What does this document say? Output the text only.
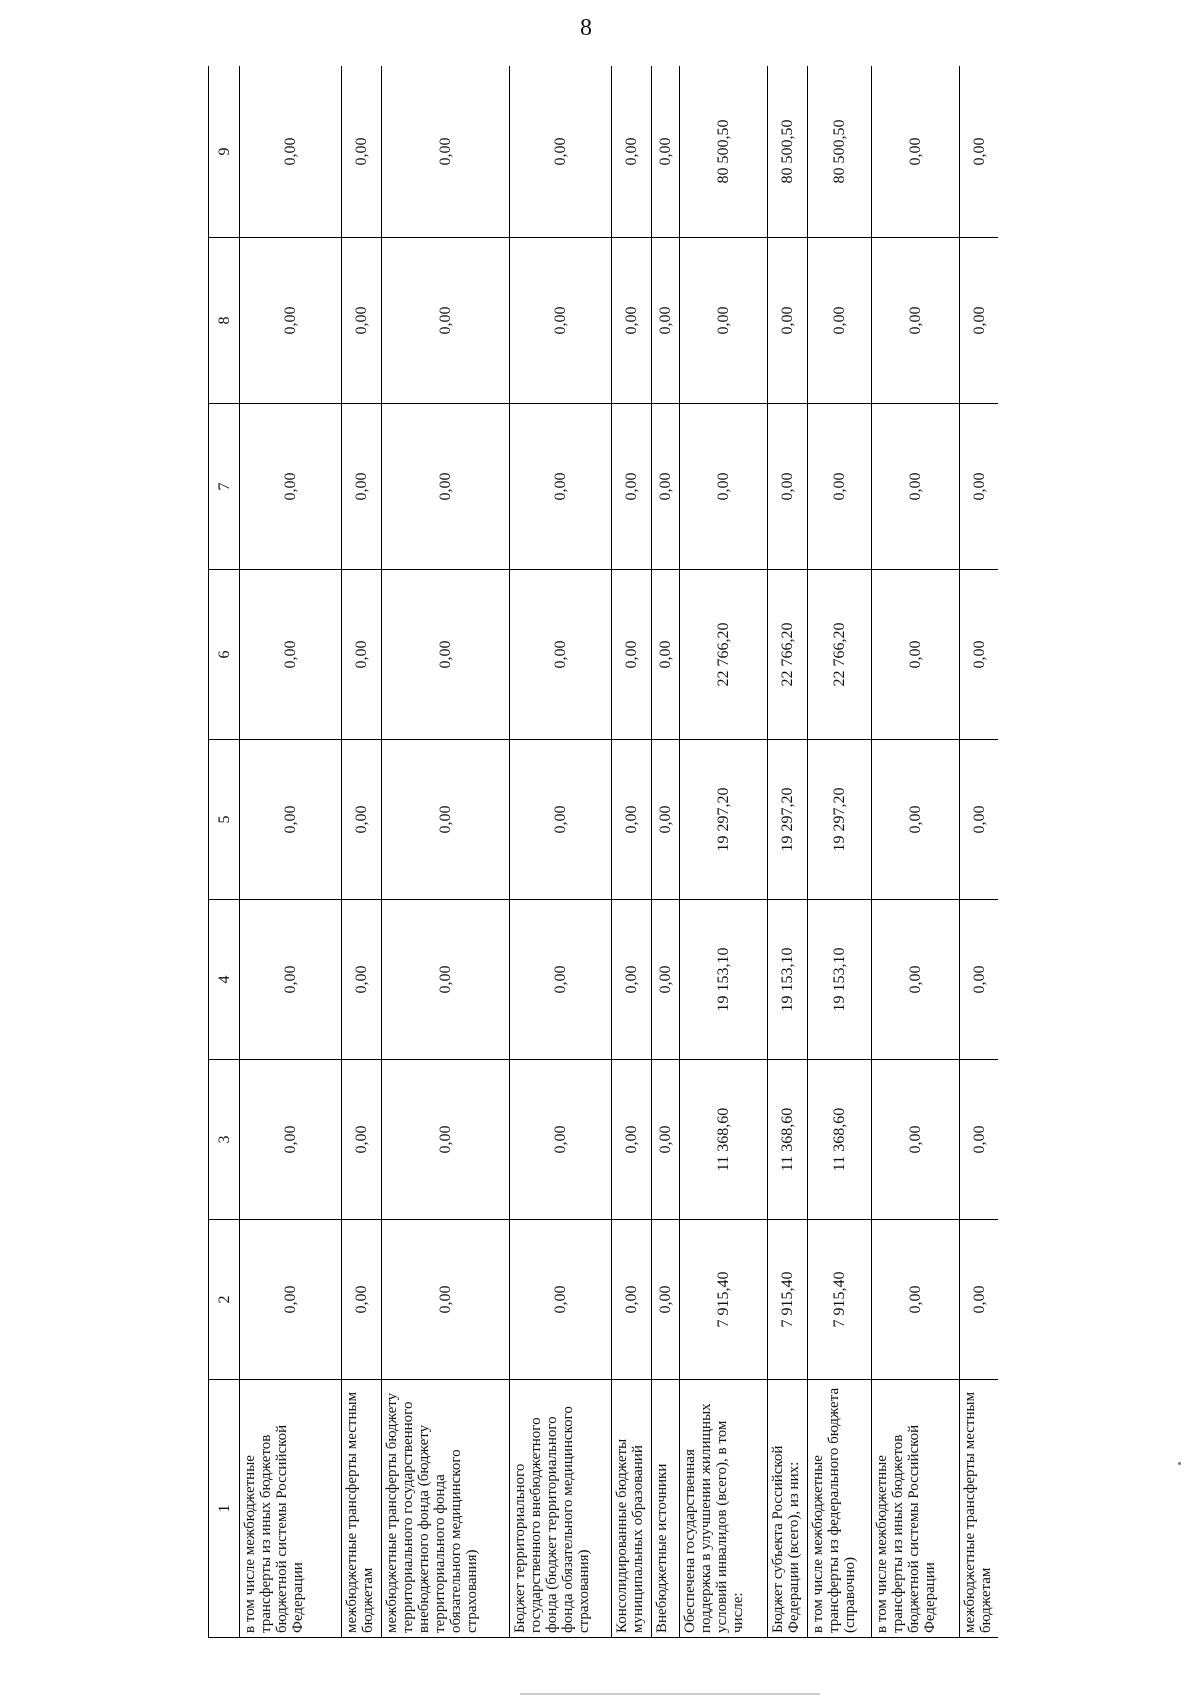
8
1	2	3	4	5	6	7	8	9
в том числе межбюджетные трансферты из иных бюджетов бюджетной системы Российской Федерации	0,00	0,00	0,00	0,00	0,00	0,00	0,00	0,00
межбюджетные трансферты местным бюджетам	0,00	0,00	0,00	0,00	0,00	0,00	0,00	0,00
межбюджетные трансферты бюджету территориального государственного внебюджетного фонда (бюджету территориального фонда обязательного медицинского страхования)	0,00	0,00	0,00	0,00	0,00	0,00	0,00	0,00
Бюджет территориального государственного внебюджетного фонда (бюджет территориального фонда обязательного медицинского страхования)	0,00	0,00	0,00	0,00	0,00	0,00	0,00	0,00
Консолидированные бюджеты муниципальных образований	0,00	0,00	0,00	0,00	0,00	0,00	0,00	0,00
Внебюджетные источники	0,00	0,00	0,00	0,00	0,00	0,00	0,00	0,00
Обеспечена государственная поддержка в улучшении жилищных условий инвалидов (всего), в том числе:	7 915,40	11 368,60	19 153,10	19 297,20	22 766,20	0,00	0,00	80 500,50
Бюджет субъекта Российской Федерации (всего), из них:	7 915,40	11 368,60	19 153,10	19 297,20	22 766,20	0,00	0,00	80 500,50
в том числе межбюджетные трансферты из федерального бюджета (справочно)	7 915,40	11 368,60	19 153,10	19 297,20	22 766,20	0,00	0,00	80 500,50
в том числе межбюджетные трансферты из иных бюджетов бюджетной системы Российской Федерации	0,00	0,00	0,00	0,00	0,00	0,00	0,00	0,00
межбюджетные трансферты местным бюджетам	0,00	0,00	0,00	0,00	0,00	0,00	0,00	0,00
